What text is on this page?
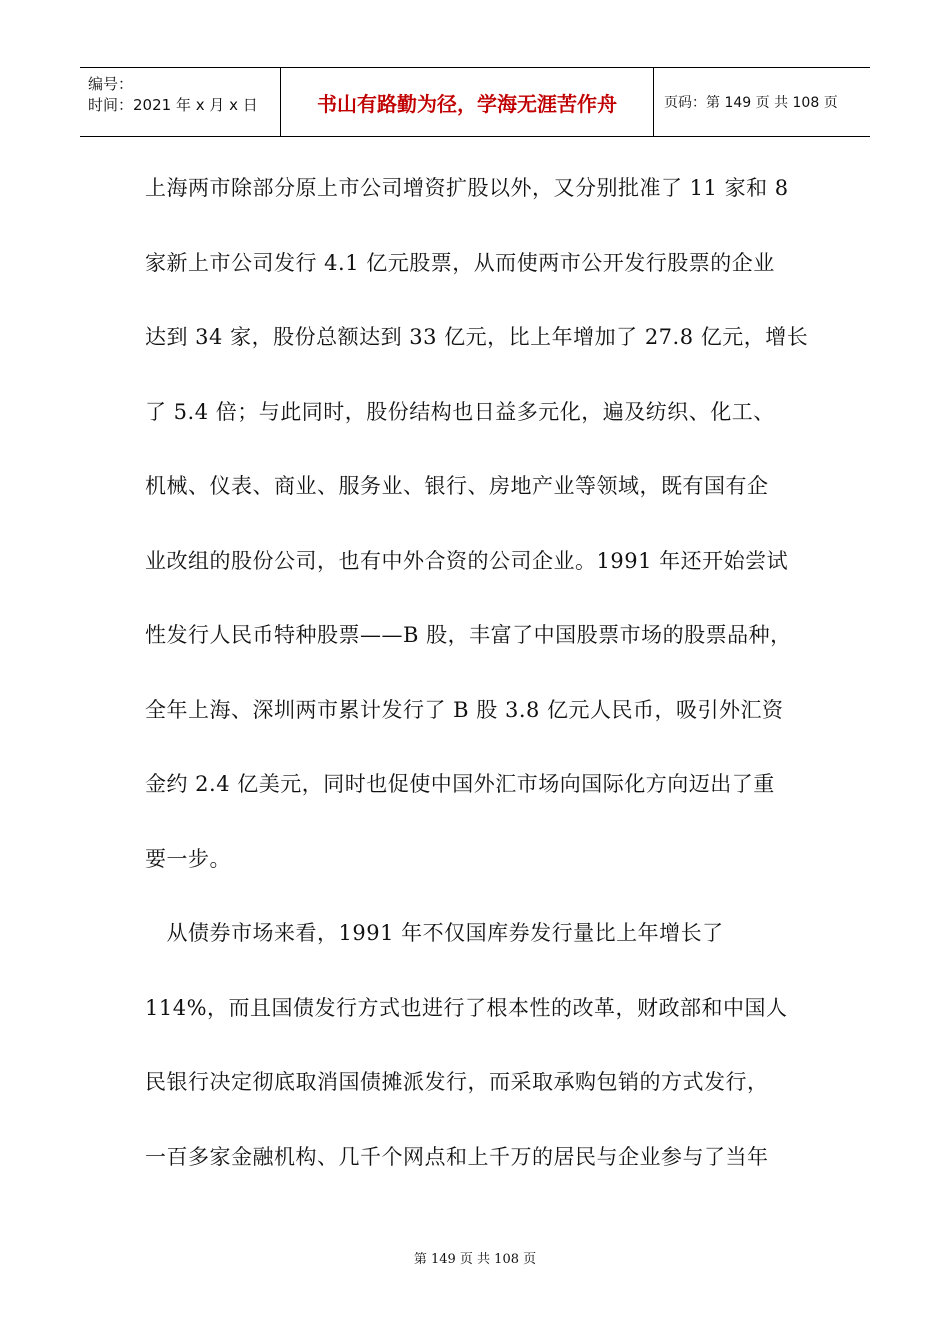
编号：
时间：2021 年 x 月 x 日	书山有路勤为径，学海无涯苦作舟	页码：第 149 页 共 108 页
上海两市除部分原上市公司增资扩股以外，又分别批准了 11 家和 8
家新上市公司发行 4.1 亿元股票，从而使两市公开发行股票的企业
达到 34 家，股份总额达到 33 亿元，比上年增加了 27.8 亿元，增长
了 5.4 倍；与此同时，股份结构也日益多元化，遍及纺织、化工、
机械、仪表、商业、服务业、银行、房地产业等领域，既有国有企
业改组的股份公司，也有中外合资的公司企业。1991 年还开始尝试
性发行人民币特种股票——B 股，丰富了中国股票市场的股票品种，
全年上海、深圳两市累计发行了 B 股 3.8 亿元人民币，吸引外汇资
金约 2.4 亿美元，同时也促使中国外汇市场向国际化方向迈出了重
要一步。
　从债券市场来看，1991 年不仅国库券发行量比上年增长了
114%，而且国债发行方式也进行了根本性的改革，财政部和中国人
民银行决定彻底取消国债摊派发行，而采取承购包销的方式发行，
一百多家金融机构、几千个网点和上千万的居民与企业参与了当年
第 149 页 共 108 页
